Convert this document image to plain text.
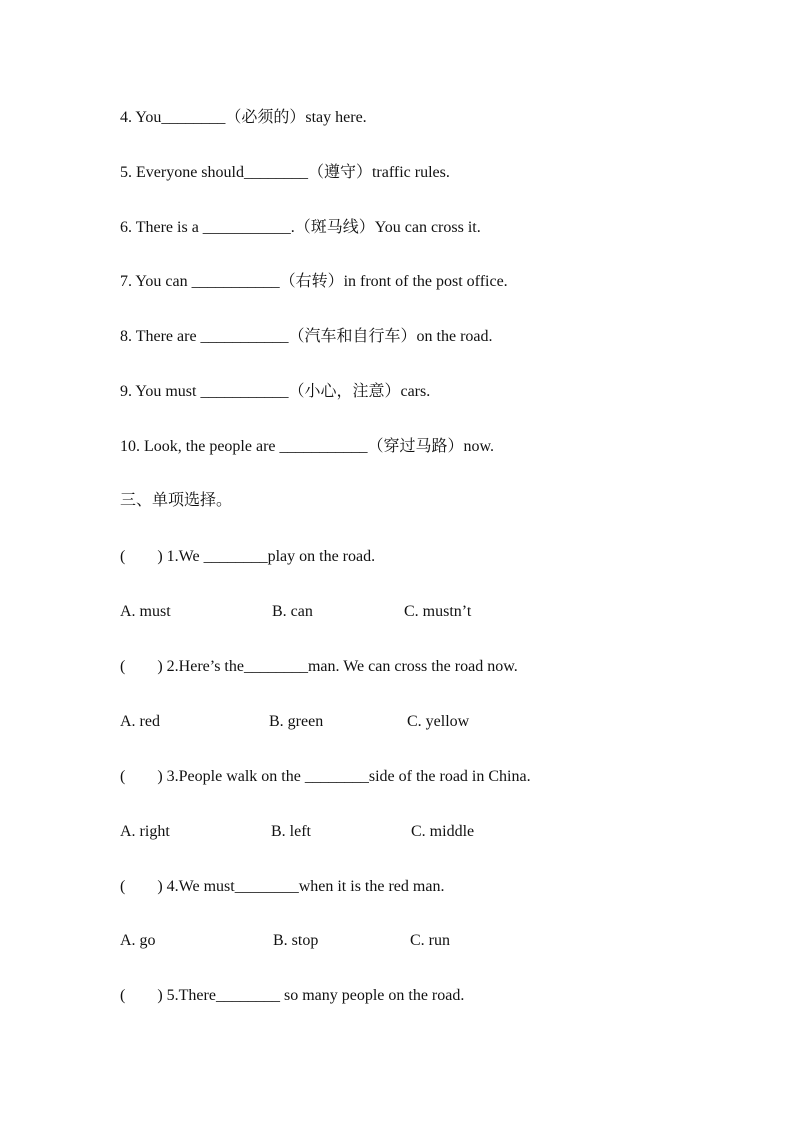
4. You________（必须的）stay here.
5. Everyone should________（遵守）traffic rules.
6. There is a ___________.（斑马线）You can cross it.
7. You can ___________（右转）in front of the post office.
8. There are ___________（汽车和自行车）on the road.
9. You must ___________（小心，注意）cars.
10. Look, the people are ___________（穿过马路）now.
三、单项选择。
(        ) 1.We ________play on the road.
A. must	B. can	C. mustn’t
(        ) 2.Here’s the________man. We can cross the road now.
A. red	B. green	C. yellow
(        ) 3.People walk on the ________side of the road in China.
A. right	B. left	C. middle
(        ) 4.We must________when it is the red man.
A. go	B. stop	C. run
(        ) 5.There________ so many people on the road.
